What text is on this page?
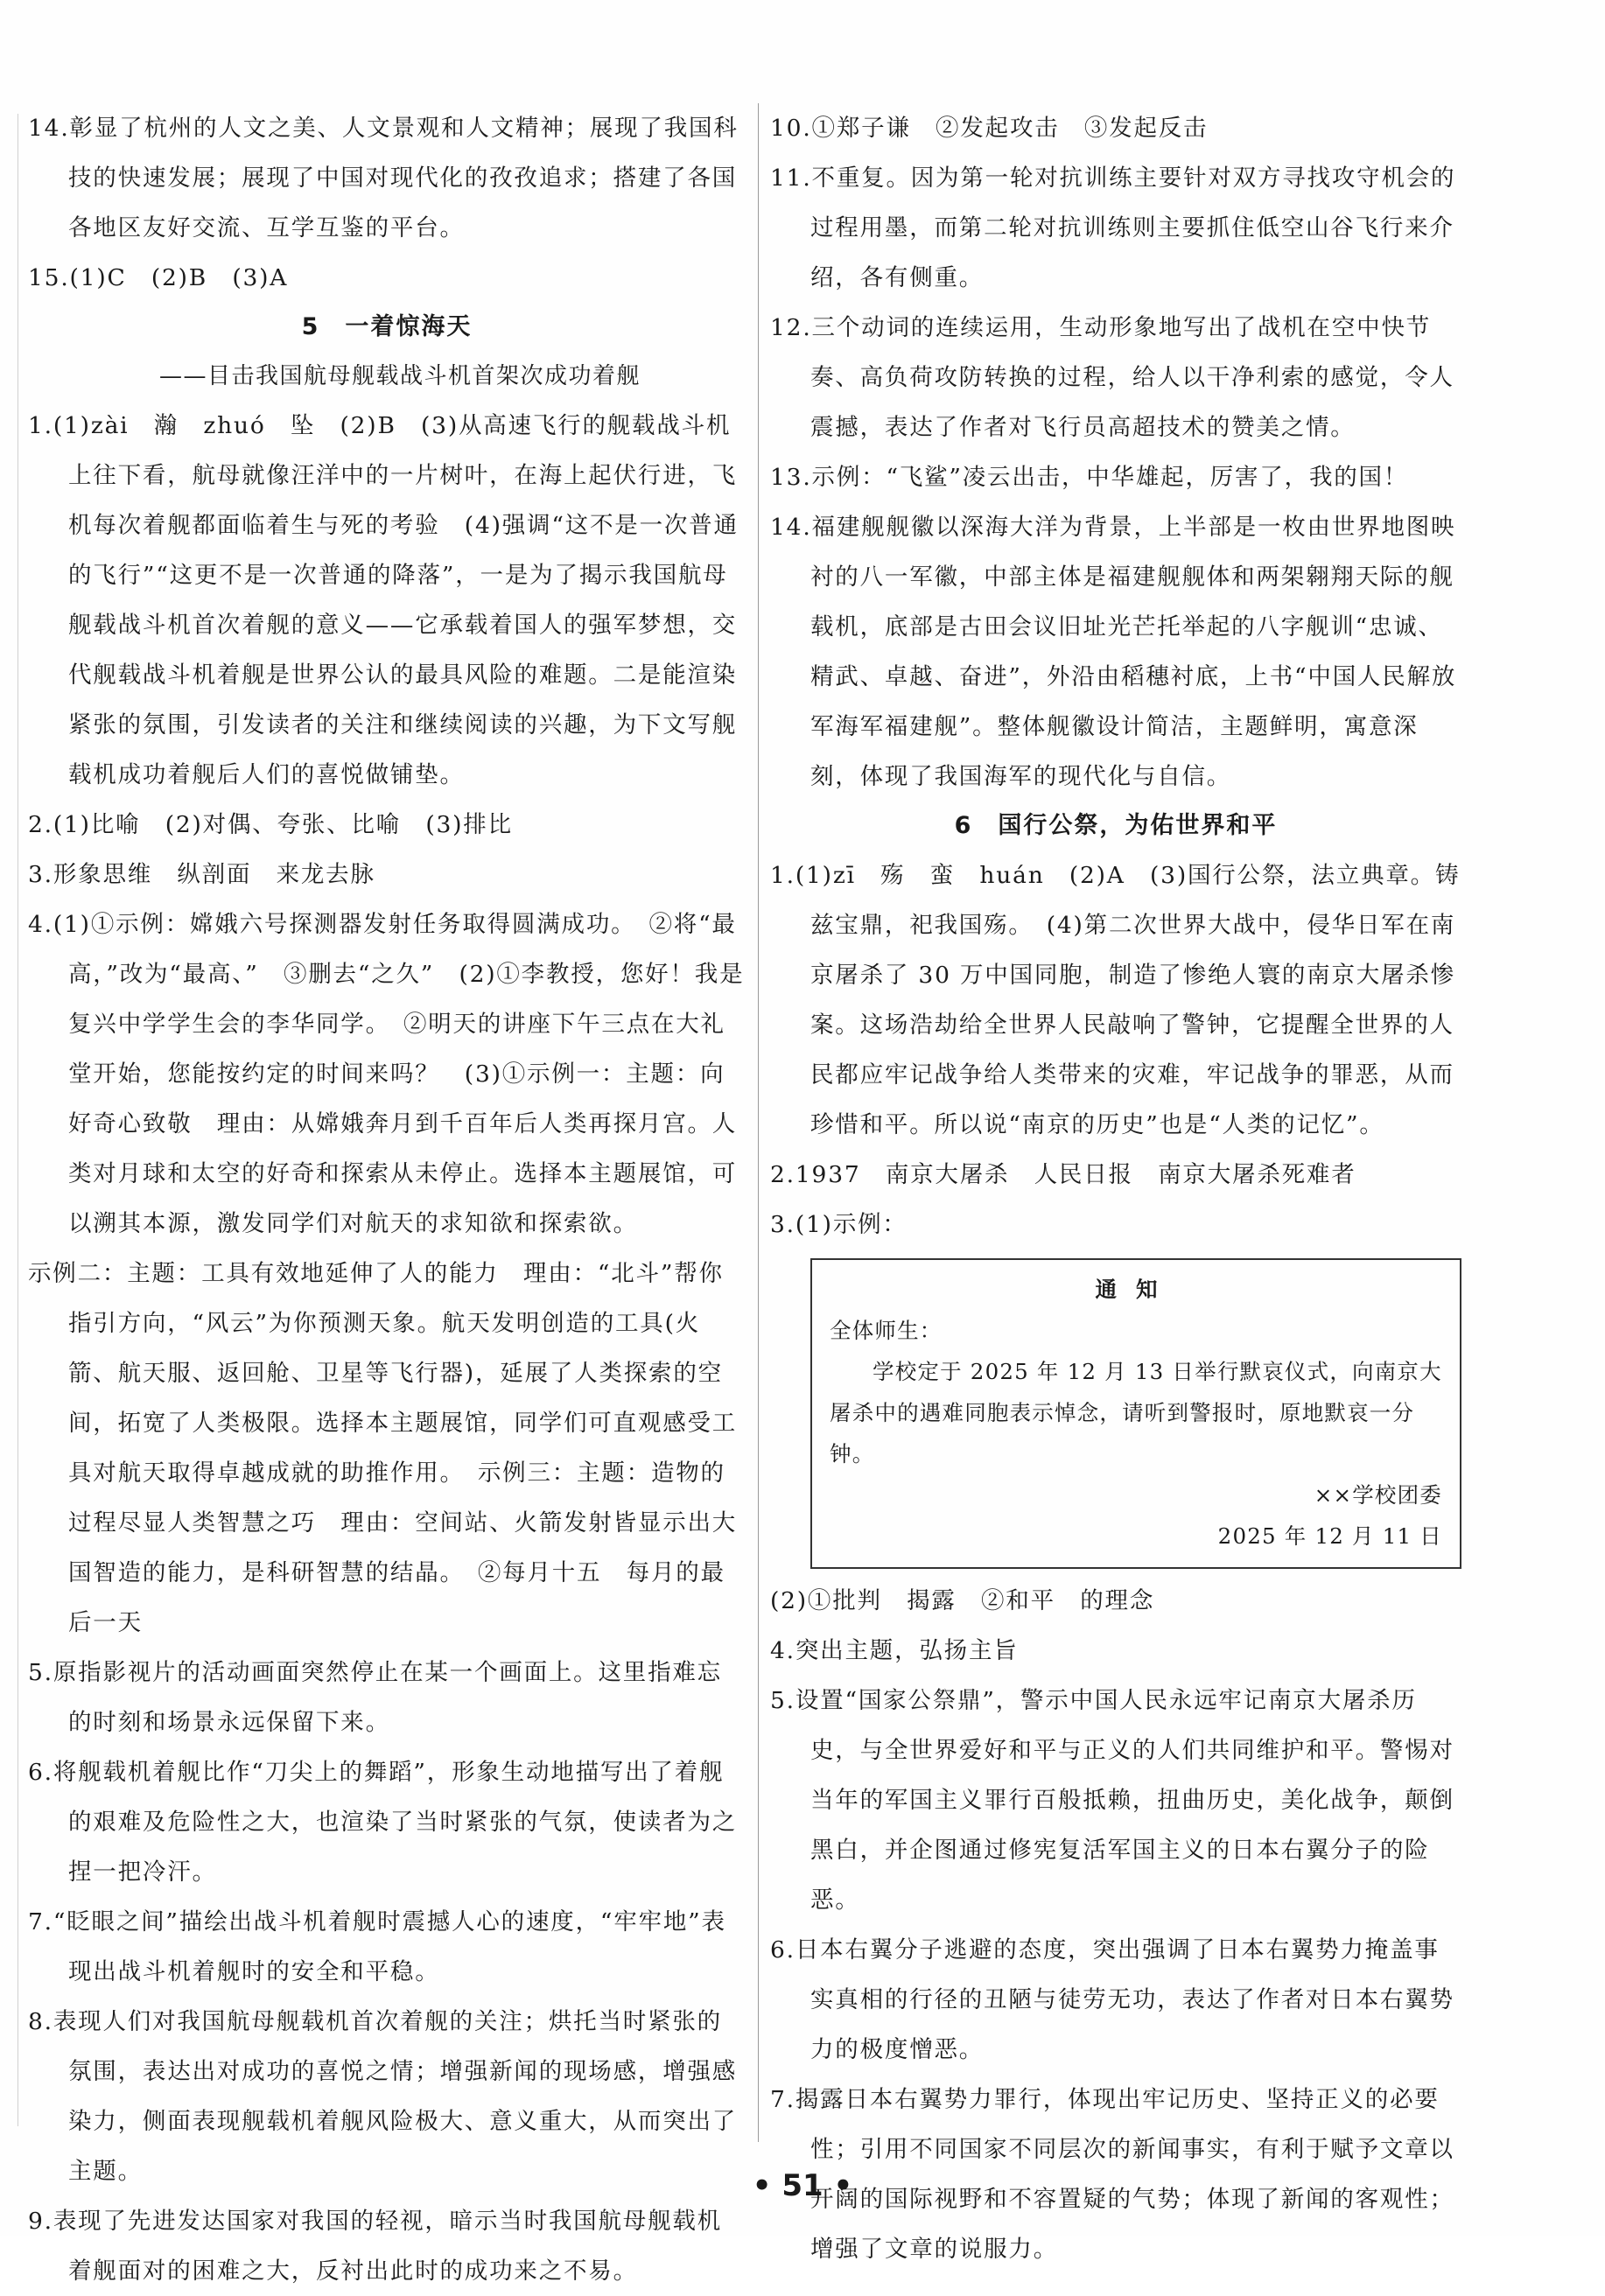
14.彰显了杭州的人文之美、人文景观和人文精神；展现了我国科技的快速发展；展现了中国对现代化的孜孜追求；搭建了各国各地区友好交流、互学互鉴的平台。

15.(1)C　(2)B　(3)A

5　一着惊海天

——目击我国航母舰载战斗机首架次成功着舰

1.(1)zài　瀚　zhuó　坠　(2)B　(3)从高速飞行的舰载战斗机上往下看，航母就像汪洋中的一片树叶，在海上起伏行进，飞机每次着舰都面临着生与死的考验　(4)强调“这不是一次普通的飞行”“这更不是一次普通的降落”，一是为了揭示我国航母舰载战斗机首次着舰的意义——它承载着国人的强军梦想，交代舰载战斗机着舰是世界公认的最具风险的难题。二是能渲染紧张的氛围，引发读者的关注和继续阅读的兴趣，为下文写舰载机成功着舰后人们的喜悦做铺垫。

2.(1)比喻　(2)对偶、夸张、比喻　(3)排比

3.形象思维　纵剖面　来龙去脉

4.(1)①示例：嫦娥六号探测器发射任务取得圆满成功。　②将“最高，”改为“最高、”　③删去“之久”　(2)①李教授，您好！我是复兴中学学生会的李华同学。　②明天的讲座下午三点在大礼堂开始，您能按约定的时间来吗？　(3)①示例一：主题：向好奇心致敬　理由：从嫦娥奔月到千百年后人类再探月宫。人类对月球和太空的好奇和探索从未停止。选择本主题展馆，可以溯其本源，激发同学们对航天的求知欲和探索欲。

示例二：主题：工具有效地延伸了人的能力　理由：“北斗”帮你指引方向，“风云”为你预测天象。航天发明创造的工具(火箭、航天服、返回舱、卫星等飞行器)，延展了人类探索的空间，拓宽了人类极限。选择本主题展馆，同学们可直观感受工具对航天取得卓越成就的助推作用。　示例三：主题：造物的过程尽显人类智慧之巧　理由：空间站、火箭发射皆显示出大国智造的能力，是科研智慧的结晶。　②每月十五　每月的最后一天

5.原指影视片的活动画面突然停止在某一个画面上。这里指难忘的时刻和场景永远保留下来。

6.将舰载机着舰比作“刀尖上的舞蹈”，形象生动地描写出了着舰的艰难及危险性之大，也渲染了当时紧张的气氛，使读者为之捏一把冷汗。

7.“眨眼之间”描绘出战斗机着舰时震撼人心的速度，“牢牢地”表现出战斗机着舰时的安全和平稳。

8.表现人们对我国航母舰载机首次着舰的关注；烘托当时紧张的氛围，表达出对成功的喜悦之情；增强新闻的现场感，增强感染力，侧面表现舰载机着舰风险极大、意义重大，从而突出了主题。

9.表现了先进发达国家对我国的轻视，暗示当时我国航母舰载机着舰面对的困难之大，反衬出此时的成功来之不易。

10.①郑子谦　②发起攻击　③发起反击

11.不重复。因为第一轮对抗训练主要针对双方寻找攻守机会的过程用墨，而第二轮对抗训练则主要抓住低空山谷飞行来介绍，各有侧重。

12.三个动词的连续运用，生动形象地写出了战机在空中快节奏、高负荷攻防转换的过程，给人以干净利索的感觉，令人震撼，表达了作者对飞行员高超技术的赞美之情。

13.示例：“飞鲨”凌云出击，中华雄起，厉害了，我的国！

14.福建舰舰徽以深海大洋为背景，上半部是一枚由世界地图映衬的八一军徽，中部主体是福建舰舰体和两架翱翔天际的舰载机，底部是古田会议旧址光芒托举起的八字舰训“忠诚、精武、卓越、奋进”，外沿由稻穗衬底，上书“中国人民解放军海军福建舰”。整体舰徽设计简洁，主题鲜明，寓意深刻，体现了我国海军的现代化与自信。

6　国行公祭，为佑世界和平

1.(1)zī　殇　蛮　huán　(2)A　(3)国行公祭，法立典章。铸兹宝鼎，祀我国殇。　(4)第二次世界大战中，侵华日军在南京屠杀了 30 万中国同胞，制造了惨绝人寰的南京大屠杀惨案。这场浩劫给全世界人民敲响了警钟，它提醒全世界的人民都应牢记战争给人类带来的灾难，牢记战争的罪恶，从而珍惜和平。所以说“南京的历史”也是“人类的记忆”。

2.1937　南京大屠杀　人民日报　南京大屠杀死难者

3.(1)示例：

通知

全体师生：

学校定于 2025 年 12 月 13 日举行默哀仪式，向南京大屠杀中的遇难同胞表示悼念，请听到警报时，原地默哀一分钟。

××学校团委

2025 年 12 月 11 日

(2)①批判　揭露　②和平　的理念

4.突出主题，弘扬主旨

5.设置“国家公祭鼎”，警示中国人民永远牢记南京大屠杀历史，与全世界爱好和平与正义的人们共同维护和平。警惕对当年的军国主义罪行百般抵赖，扭曲历史，美化战争，颠倒黑白，并企图通过修宪复活军国主义的日本右翼分子的险恶。

6.日本右翼分子逃避的态度，突出强调了日本右翼势力掩盖事实真相的行径的丑陋与徒劳无功，表达了作者对日本右翼势力的极度憎恶。

7.揭露日本右翼势力罪行，体现出牢记历史、坚持正义的必要性；引用不同国家不同层次的新闻事实，有利于赋予文章以开阔的国际视野和不容置疑的气势；体现了新闻的客观性；增强了文章的说服力。

• 51 •
